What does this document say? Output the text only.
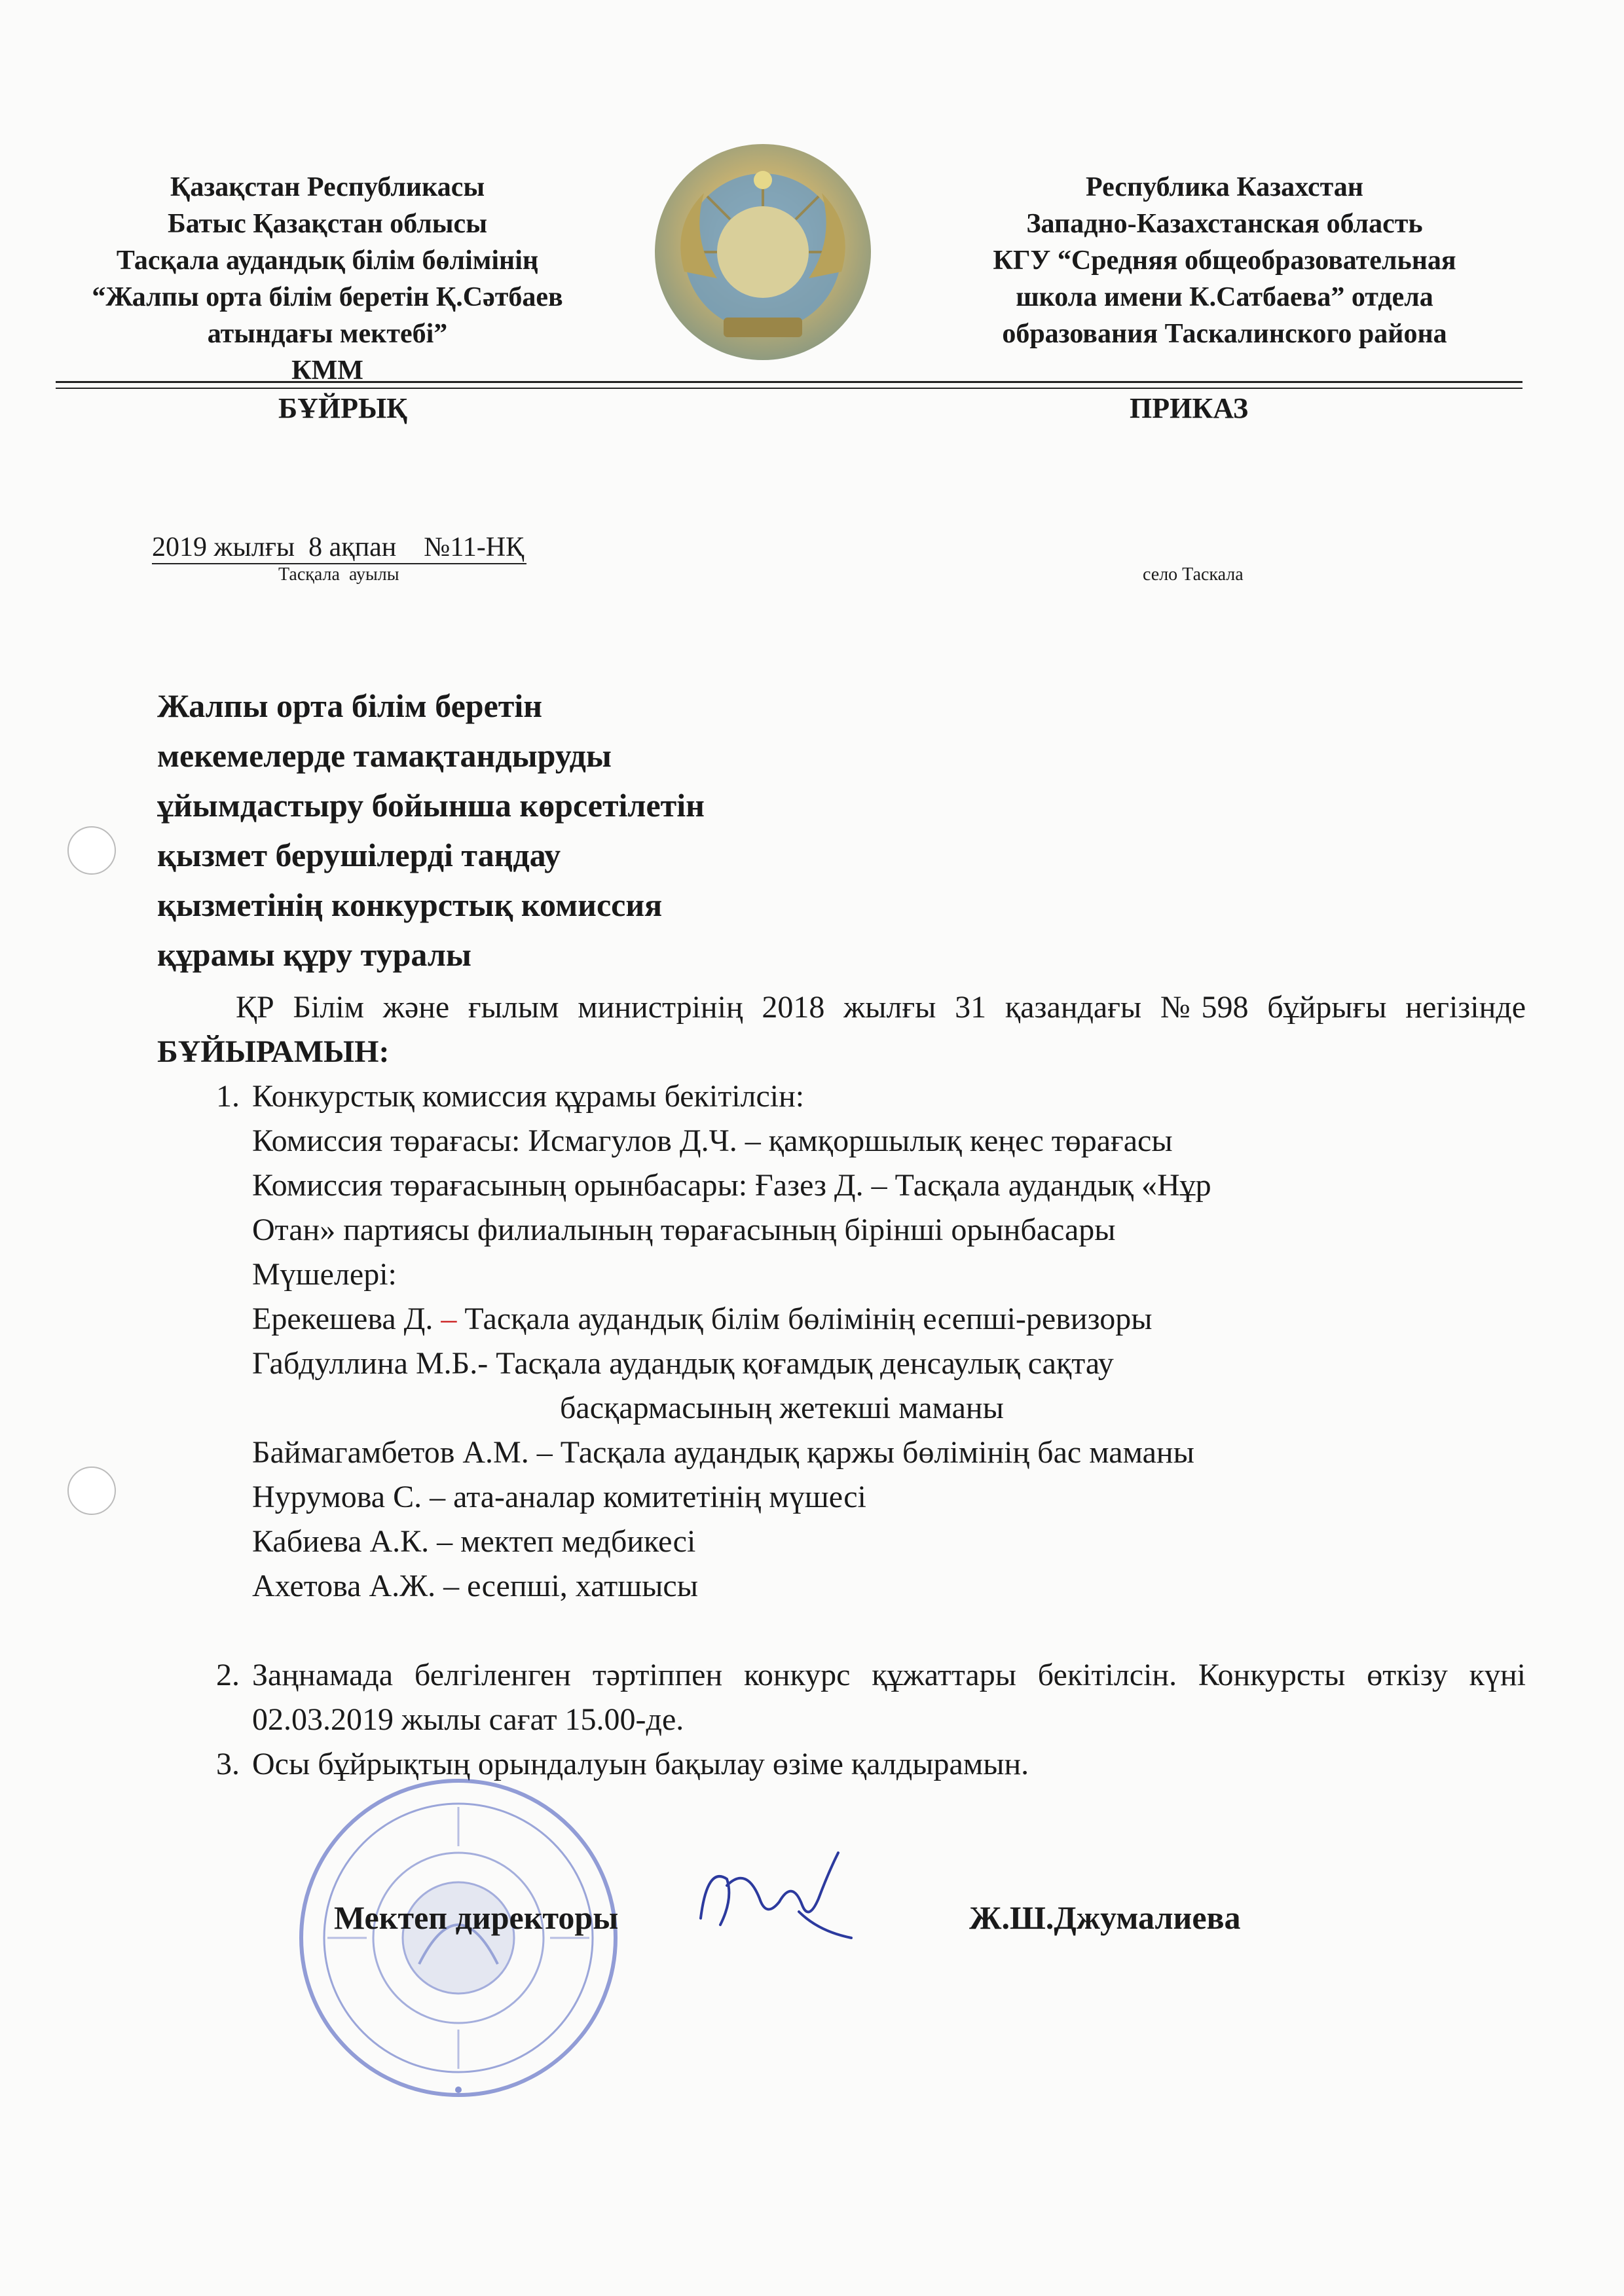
Қазақстан Республикасы
Батыс Қазақстан облысы
Тасқала аудандық білім бөлімінің
“Жалпы орта білім беретін Қ.Сәтбаев
атындағы мектебі”
КММ
Республика Казахстан
Западно-Казахстанская область
КГУ “Средняя общеобразовательная
школа имени К.Сатбаева” отдела
образования Таскалинского района
БҰЙРЫҚ	ПРИКАЗ
2019 жылғы  8 ақпан    №11-НҚ
Тасқала  ауылы	село Таскала
Жалпы орта білім беретін
мекемелерде тамақтандыруды
ұйымдастыру бойынша көрсетілетін
қызмет берушілерді таңдау
қызметінің конкурстық комиссия
құрамы құру туралы
ҚР Білім және ғылым министрінің 2018 жылғы 31 қазандағы №598 бұйрығы негізінде БҰЙЫРАМЫН:
1. Конкурстық комиссия құрамы бекітілсін:
Комиссия төрағасы: Исмагулов Д.Ч. – қамқоршылық кеңес төрағасы
Комиссия төрағасының орынбасары: Ғазез Д. – Тасқала аудандық «Нұр
Отан» партиясы филиалының төрағасының бірінші орынбасары
Мүшелері:
Ерекешева Д. – Тасқала аудандық білім бөлімінің есепші-ревизоры
Габдуллина М.Б.- Тасқала аудандық қоғамдық денсаулық сақтау
басқармасының жетекші маманы
Баймагамбетов А.М. – Тасқала аудандық қаржы бөлімінің бас маманы
Нурумова С. – ата-аналар комитетінің мүшесі
Кабиева А.К. – мектеп медбикесі
Ахетова А.Ж. – есепші, хатшысы
2. Заңнамада белгіленген тәртіппен конкурс құжаттары бекітілсін. Конкурсты өткізу күні 02.03.2019 жылы сағат 15.00-де.
3. Осы бұйрықтың орындалуын бақылау өзіме қалдырамын.
Мектеп директоры	Ж.Ш.Джумалиева
